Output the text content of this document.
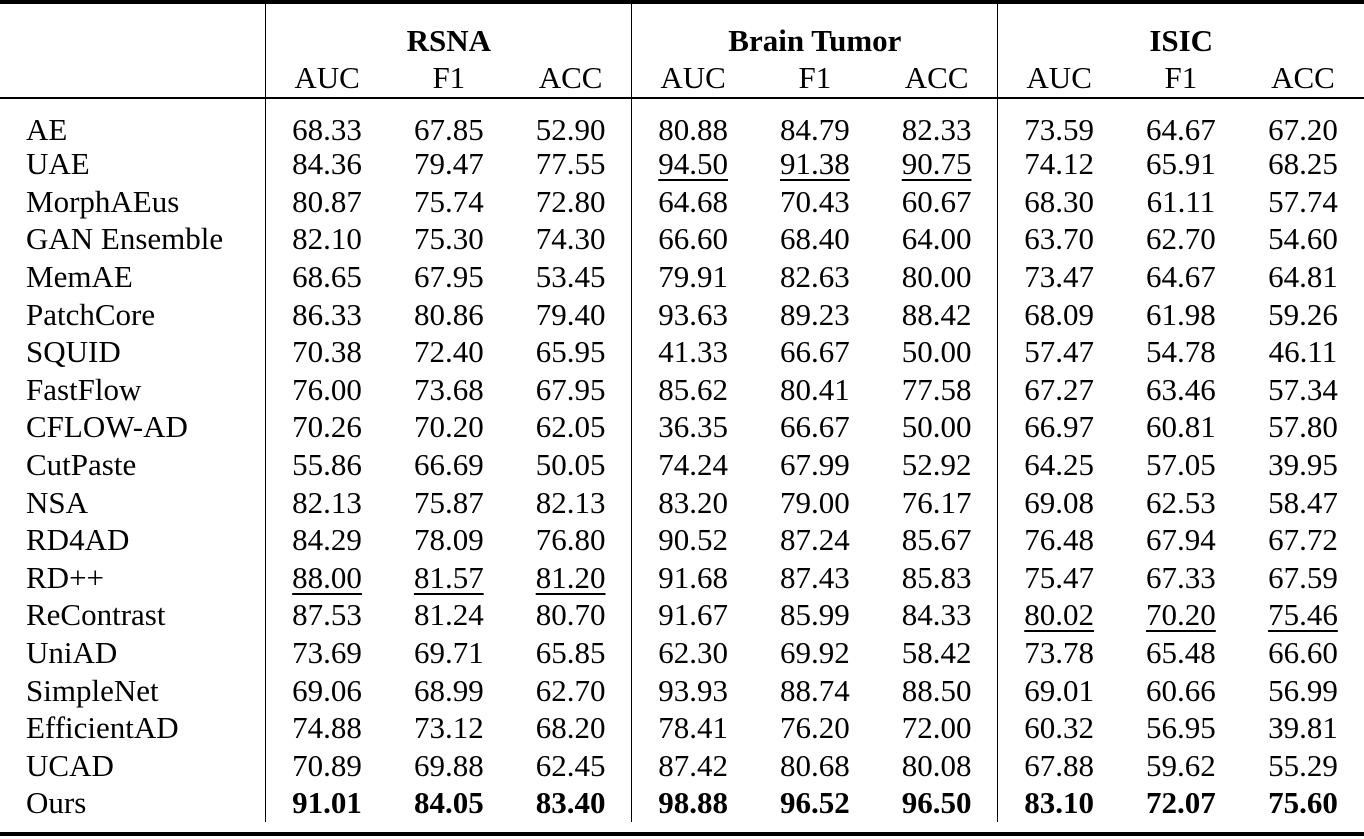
	RSNA			Brain Tumor			ISIC		
	AUC	F1	ACC	AUC	F1	ACC	AUC	F1	ACC
AE	68.33	67.85	52.90	80.88	84.79	82.33	73.59	64.67	67.20
UAE	84.36	79.47	77.55	94.50	91.38	90.75	74.12	65.91	68.25
MorphAEus	80.87	75.74	72.80	64.68	70.43	60.67	68.30	61.11	57.74
GAN Ensemble	82.10	75.30	74.30	66.60	68.40	64.00	63.70	62.70	54.60
MemAE	68.65	67.95	53.45	79.91	82.63	80.00	73.47	64.67	64.81
PatchCore	86.33	80.86	79.40	93.63	89.23	88.42	68.09	61.98	59.26
SQUID	70.38	72.40	65.95	41.33	66.67	50.00	57.47	54.78	46.11
FastFlow	76.00	73.68	67.95	85.62	80.41	77.58	67.27	63.46	57.34
CFLOW-AD	70.26	70.20	62.05	36.35	66.67	50.00	66.97	60.81	57.80
CutPaste	55.86	66.69	50.05	74.24	67.99	52.92	64.25	57.05	39.95
NSA	82.13	75.87	82.13	83.20	79.00	76.17	69.08	62.53	58.47
RD4AD	84.29	78.09	76.80	90.52	87.24	85.67	76.48	67.94	67.72
RD++	88.00	81.57	81.20	91.68	87.43	85.83	75.47	67.33	67.59
ReContrast	87.53	81.24	80.70	91.67	85.99	84.33	80.02	70.20	75.46
UniAD	73.69	69.71	65.85	62.30	69.92	58.42	73.78	65.48	66.60
SimpleNet	69.06	68.99	62.70	93.93	88.74	88.50	69.01	60.66	56.99
EfficientAD	74.88	73.12	68.20	78.41	76.20	72.00	60.32	56.95	39.81
UCAD	70.89	69.88	62.45	87.42	80.68	80.08	67.88	59.62	55.29
Ours	91.01	84.05	83.40	98.88	96.52	96.50	83.10	72.07	75.60
